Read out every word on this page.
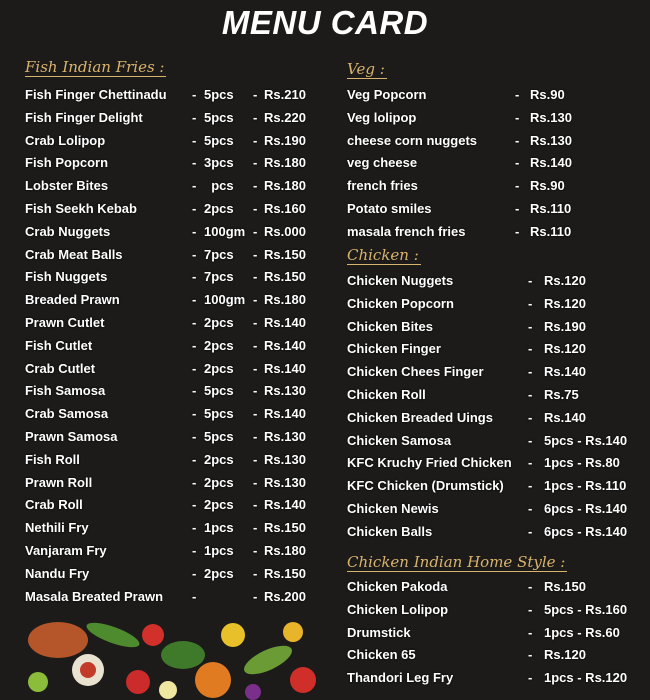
MENU CARD
Fish Indian Fries :	Veg :
Chicken :
Chicken Indian Home Style :
Fish Finger Chettinadu - 5pcs - Rs.210
Fish Finger Delight	- 5pcs - Rs.220
Crab Lolipop	- 5pcs - Rs.190
Fish Popcorn	- 3pcs - Rs.180
Lobster Bites	- pcs - Rs.180
Fish Seekh Kebab	- 2pcs - Rs.160
Crab Nuggets	- 100gm - Rs.000
Crab Meat Balls	- 7pcs - Rs.150
Fish Nuggets	- 7pcs - Rs.150
Breaded Prawn	- 100gm - Rs.180
Prawn Cutlet	- 2pcs - Rs.140
Fish Cutlet	- 2pcs - Rs.140
Crab Cutlet	- 2pcs - Rs.140
Fish Samosa	- 5pcs - Rs.130
Crab Samosa	- 5pcs - Rs.140
Prawn Samosa	- 5pcs - Rs.130
Fish Roll	- 2pcs - Rs.130
Prawn Roll	- 2pcs - Rs.130
Crab Roll	- 2pcs - Rs.140
Nethili Fry	- 1pcs - Rs.150
Vanjaram Fry	- 1pcs - Rs.180
Nandu Fry	- 2pcs - Rs.150
Masala Breated Prawn -	- Rs.200
Veg Popcorn	- Rs.90
Veg lolipop	- Rs.130
cheese corn nuggets	- Rs.130
veg cheese	- Rs.140
french fries	- Rs.90
Potato smiles	- Rs.110
masala french fries	- Rs.110
Chicken Nuggets	- Rs.120
Chicken Popcorn	- Rs.120
Chicken Bites	- Rs.190
Chicken Finger	- Rs.120
Chicken Chees Finger	- Rs.140
Chicken Roll	- Rs.75
Chicken Breaded Uings	- Rs.140
Chicken Samosa	- 5pcs - Rs.140
KFC Kruchy Fried Chicken - 1pcs - Rs.80
KFC Chicken (Drumstick) - 1pcs - Rs.110
Chicken Newis	- 6pcs - Rs.140
Chicken Balls	- 6pcs - Rs.140
Chicken Pakoda	- Rs.150
Chicken Lolipop	- 5pcs - Rs.160
Drumstick	- 1pcs - Rs.60
Chicken 65	- Rs.120
Thandori Leg Fry	- 1pcs - Rs.120
